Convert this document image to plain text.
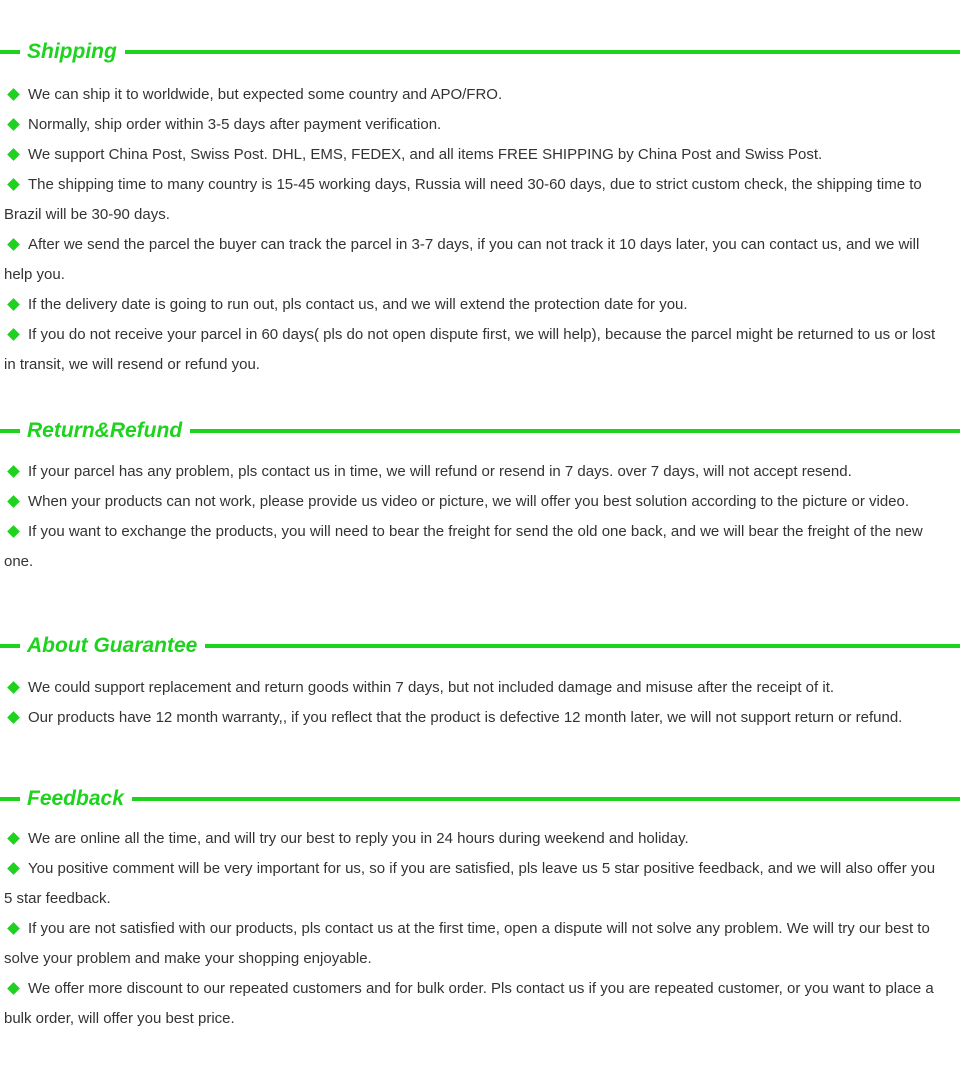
Shipping
We can ship it to worldwide, but expected some country and APO/FRO.
Normally, ship order within 3-5 days after payment verification.
We support China Post, Swiss Post. DHL, EMS, FEDEX, and all items FREE SHIPPING by China Post and Swiss Post.
The shipping time to many country is 15-45 working days, Russia will need 30-60 days, due to strict custom check, the shipping time to Brazil will be 30-90 days.
After we send the parcel the buyer can track the parcel in 3-7 days, if you can not track it 10 days later, you can contact us, and we will help you.
If the delivery date is going to run out, pls contact us, and we will extend the protection date for you.
If you do not receive your parcel in 60 days( pls do not open dispute first, we will help), because the parcel might be returned to us or lost in transit, we will resend or refund you.
Return&Refund
If your parcel has any problem, pls contact us in time, we will refund or resend in 7 days. over 7 days, will not accept resend.
When your products can not work, please provide us video or picture, we will offer you best solution according to the picture or video.
If you want to exchange the products, you will need to bear the freight for send the old one back, and we will bear the freight of the new one.
About Guarantee
We could support replacement and return goods within 7 days, but not included damage and misuse after the receipt of it.
Our products have 12 month warranty,, if you reflect that the product is defective 12 month later, we will not support return or refund.
Feedback
We are online all the time, and will try our best to reply you in 24 hours during weekend and holiday.
You positive comment will be very important for us, so if you are satisfied, pls leave us 5 star positive feedback, and we will also offer you 5 star feedback.
If you are not satisfied with our products, pls contact us at the first time, open a dispute will not solve any problem. We will try our best to solve your problem and make your shopping enjoyable.
We offer more discount to our repeated customers and for bulk order. Pls contact us if you are repeated customer, or you want to place a bulk order, will offer you best price.
